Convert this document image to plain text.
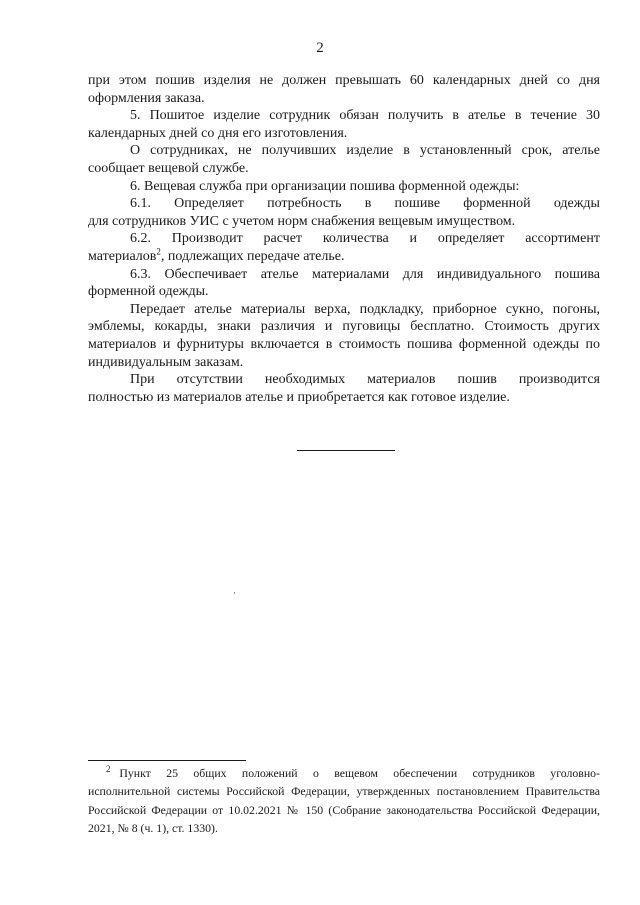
2

при этом пошив изделия не должен превышать 60 календарных дней со дня оформления заказа.

5. Пошитое изделие сотрудник обязан получить в ателье в течение 30 календарных дней со дня его изготовления.

О сотрудниках, не получивших изделие в установленный срок, ателье сообщает вещевой службе.

6. Вещевая служба при организации пошива форменной одежды:

6.1. Определяет потребность в пошиве форменной одежды

для сотрудников УИС с учетом норм снабжения вещевым имуществом.

6.2. Производит расчет количества и определяет ассортимент

материалов$^2$, подлежащих передаче ателье.

6.3. Обеспечивает ателье материалами для индивидуального пошива форменной одежды.

Передает ателье материалы верха, подкладку, приборное сукно, погоны, эмблемы, кокарды, знаки различия и пуговицы бесплатно. Стоимость других материалов и фурнитуры включается в стоимость пошива форменной одежды по индивидуальным заказам.

При отсутствии необходимых материалов пошив производится

полностью из материалов ателье и приобретается как готовое изделие.

$^2$ Пункт 25 общих положений о вещевом обеспечении сотрудников уголовно-

исполнительной системы Российской Федерации, утвержденных постановлением Правительства Российской Федерации от 10.02.2021 № 150 (Собрание законодательства Российской Федерации, 2021, № 8 (ч. 1), ст. 1330).
